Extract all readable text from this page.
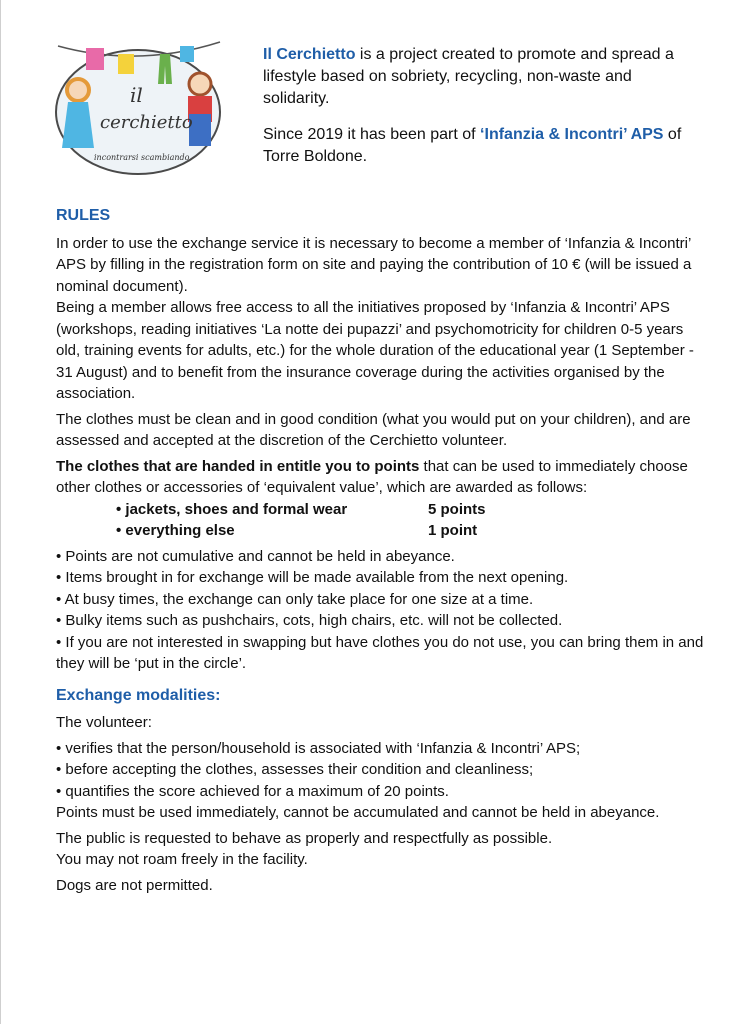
il
cerchietto
incontrarsi scambiando

Il Cerchietto is a project created to promote and spread a lifestyle based on sobriety, recycling, non-waste and solidarity.

Since 2019 it has been part of ‘Infanzia & Incontri’ APS of Torre Boldone.

RULES

In order to use the exchange service it is necessary to become a member of ‘Infanzia & Incontri’ APS by filling in the registration form on site and paying the contribution of 10 € (will be issued a nominal document).

Being a member allows free access to all the initiatives proposed by ‘Infanzia & Incontri’ APS (workshops, reading initiatives ‘La notte dei pupazzi’ and psychomotricity for children 0-5 years old, training events for adults, etc.) for the whole duration of the educational year (1 September - 31 August) and to benefit from the insurance coverage during the activities organised by the association.

The clothes must be clean and in good condition (what you would put on your children), and are assessed and accepted at the discretion of the Cerchietto volunteer.

The clothes that are handed in entitle you to points that can be used to immediately choose other clothes or accessories of ‘equivalent value’, which are awarded as follows:

• jackets, shoes and formal wear	5 points
• everything else	1 point

• Points are not cumulative and cannot be held in abeyance.

• Items brought in for exchange will be made available from the next opening.

• At busy times, the exchange can only take place for one size at a time.

• Bulky items such as pushchairs, cots, high chairs, etc. will not be collected.

• If you are not interested in swapping but have clothes you do not use, you can bring them in and they will be ‘put in the circle’.

Exchange modalities:

The volunteer:

• verifies that the person/household is associated with ‘Infanzia & Incontri’ APS;

• before accepting the clothes, assesses their condition and cleanliness;

• quantifies the score achieved for a maximum of 20 points.

Points must be used immediately, cannot be accumulated and cannot be held in abeyance.

The public is requested to behave as properly and respectfully as possible.

You may not roam freely in the facility.

Dogs are not permitted.
